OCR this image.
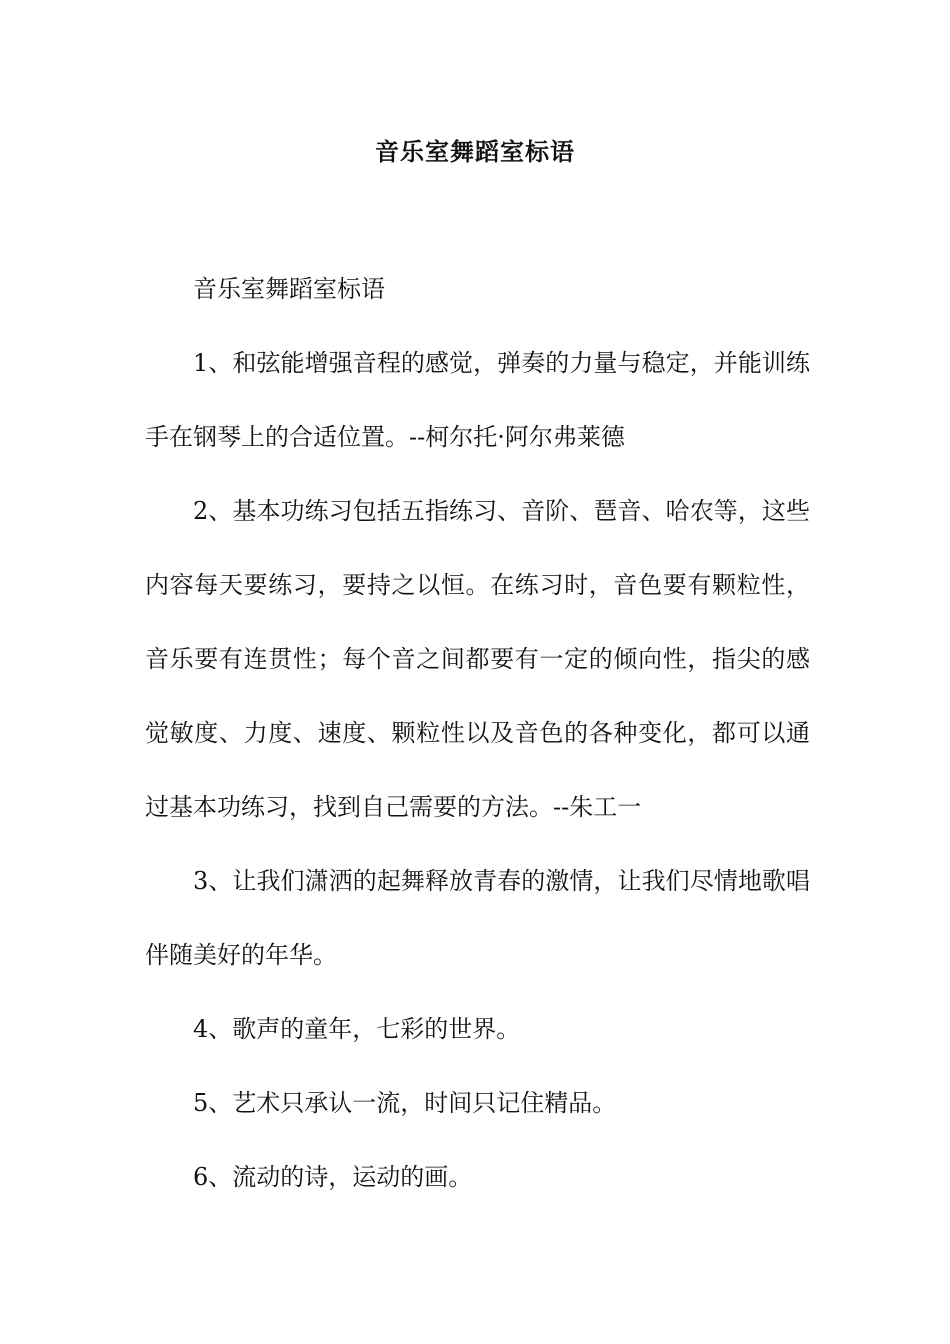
音乐室舞蹈室标语

音乐室舞蹈室标语

1、和弦能增强音程的感觉，弹奏的力量与稳定，并能训练手在钢琴上的合适位置。--柯尔托·阿尔弗莱德

2、基本功练习包括五指练习、音阶、琶音、哈农等，这些内容每天要练习，要持之以恒。在练习时，音色要有颗粒性，音乐要有连贯性；每个音之间都要有一定的倾向性，指尖的感觉敏度、力度、速度、颗粒性以及音色的各种变化，都可以通过基本功练习，找到自己需要的方法。--朱工一

3、让我们潇洒的起舞释放青春的激情，让我们尽情地歌唱伴随美好的年华。

4、歌声的童年，七彩的世界。

5、艺术只承认一流，时间只记住精品。

6、流动的诗，运动的画。
